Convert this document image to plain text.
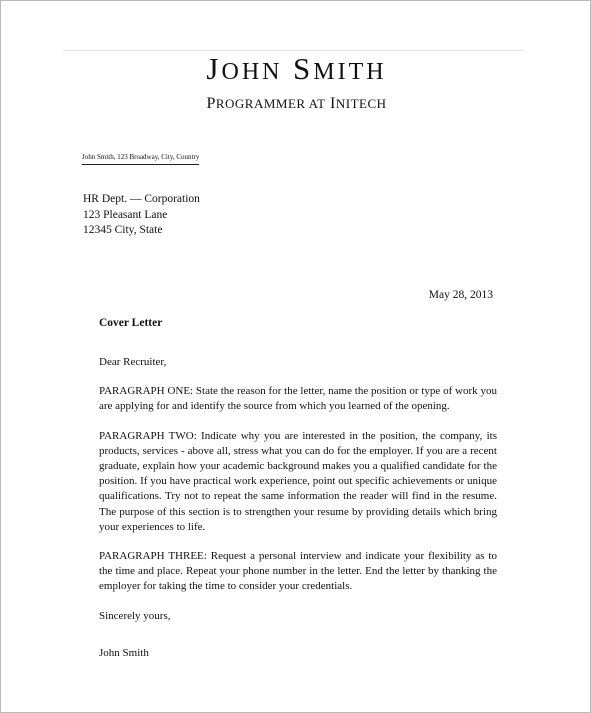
JOHN SMITH
PROGRAMMER AT INITECH
John Smith, 123 Broadway, City, Country
HR Dept. — Corporation
123 Pleasant Lane
12345 City, State
May 28, 2013
Cover Letter

Dear Recruiter,

PARAGRAPH ONE: State the reason for the letter, name the position or type of work you are applying for and identify the source from which you learned of the opening.

PARAGRAPH TWO: Indicate why you are interested in the position, the company, its products, services - above all, stress what you can do for the employer. If you are a recent graduate, explain how your academic background makes you a qualified candidate for the position. If you have practical work experience, point out specific achievements or unique qualifications. Try not to repeat the same information the reader will find in the resume. The purpose of this section is to strengthen your resume by providing details which bring your experiences to life.

PARAGRAPH THREE: Request a personal interview and indicate your flexibility as to the time and place. Repeat your phone number in the letter. End the letter by thanking the employer for taking the time to consider your credentials.

Sincerely yours,

John Smith
